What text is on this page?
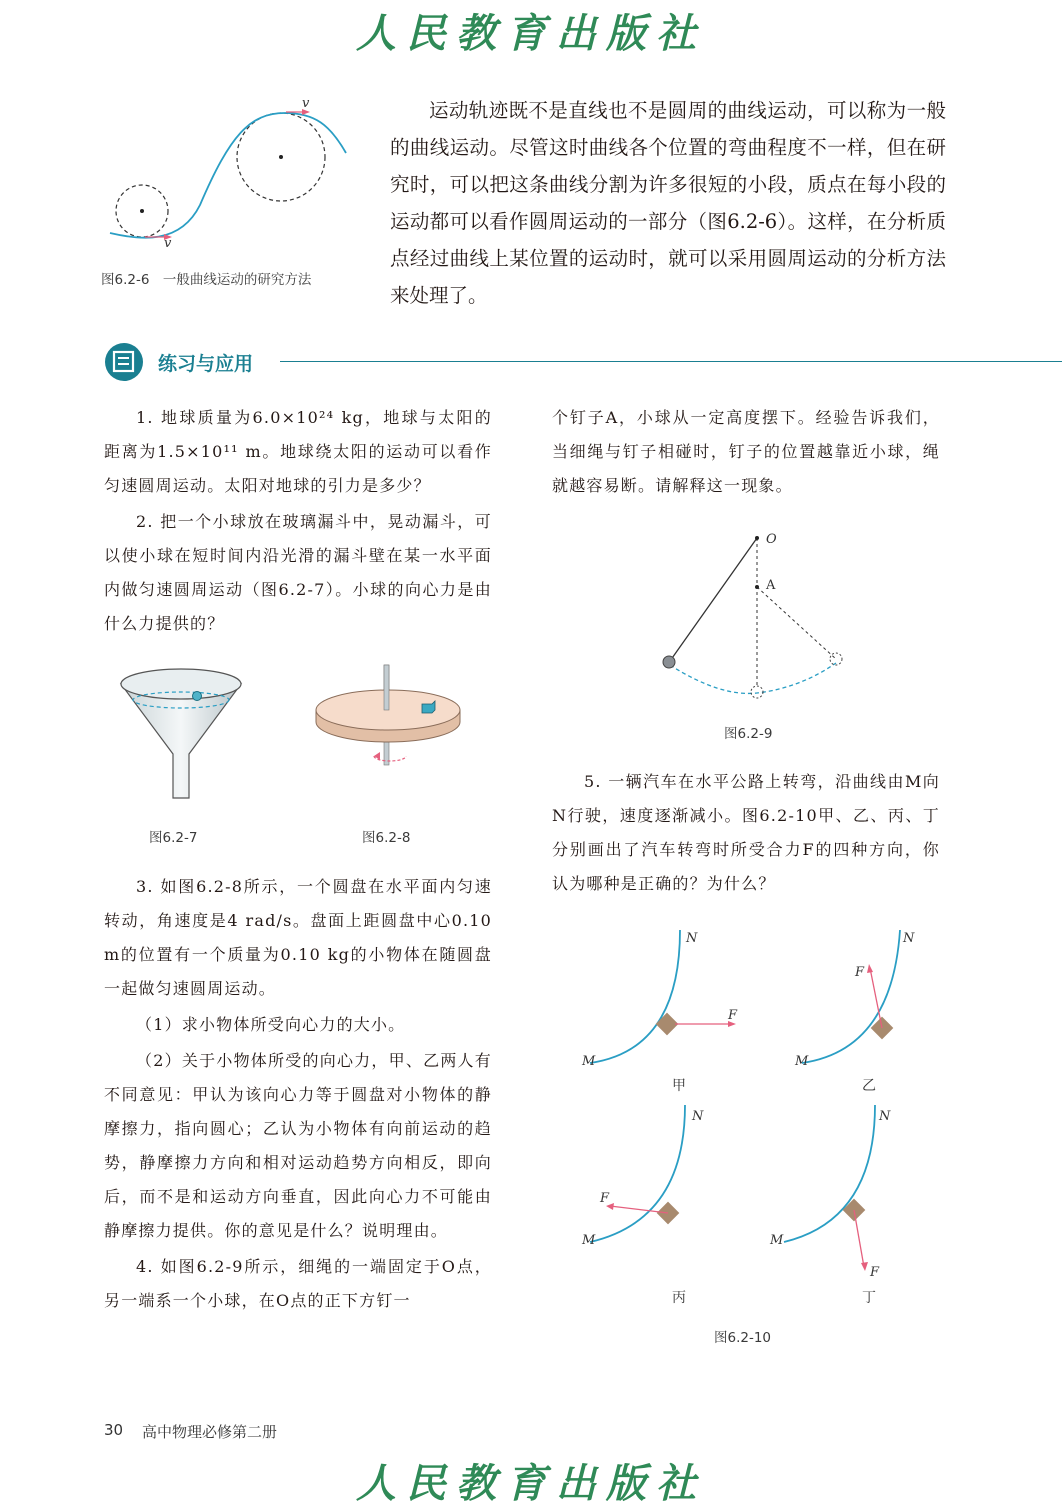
人民教育出版社
v
v
图6.2-6　一般曲线运动的研究方法

运动轨迹既不是直线也不是圆周的曲线运动，可以称为一般的曲线运动。尽管这时曲线各个位置的弯曲程度不一样，但在研究时，可以把这条曲线分割为许多很短的小段，质点在每小段的运动都可以看作圆周运动的一部分（图6.2-6）。这样，在分析质点经过曲线上某位置的运动时，就可以采用圆周运动的分析方法来处理了。

练习与应用

1. 地球质量为6.0×10²⁴ kg，地球与太阳的距离为1.5×10¹¹ m。地球绕太阳的运动可以看作匀速圆周运动。太阳对地球的引力是多少？

2. 把一个小球放在玻璃漏斗中，晃动漏斗，可以使小球在短时间内沿光滑的漏斗壁在某一水平面内做匀速圆周运动（图6.2-7）。小球的向心力是由什么力提供的？

图6.2-7	图6.2-8

3. 如图6.2-8所示，一个圆盘在水平面内匀速转动，角速度是4 rad/s。盘面上距圆盘中心0.10 m的位置有一个质量为0.10 kg的小物体在随圆盘一起做匀速圆周运动。

（1）求小物体所受向心力的大小。

（2）关于小物体所受的向心力，甲、乙两人有不同意见：甲认为该向心力等于圆盘对小物体的静摩擦力，指向圆心；乙认为小物体有向前运动的趋势，静摩擦力方向和相对运动趋势方向相反，即向后，而不是和运动方向垂直，因此向心力不可能由静摩擦力提供。你的意见是什么？说明理由。

4. 如图6.2-9所示，细绳的一端固定于O点，另一端系一个小球，在O点的正下方钉一

个钉子A，小球从一定高度摆下。经验告诉我们，当细绳与钉子相碰时，钉子的位置越靠近小球，绳就越容易断。请解释这一现象。

O
A
图6.2-9

5. 一辆汽车在水平公路上转弯，沿曲线由M向N行驶，速度逐渐减小。图6.2-10甲、乙、丙、丁分别画出了汽车转弯时所受合力F的四种方向，你认为哪种是正确的？为什么？

M
N
F
甲
M
N
F
乙
M
N
F
丙
M
N
F
丁
图6.2-10
30 高中物理必修第二册
人民教育出版社
